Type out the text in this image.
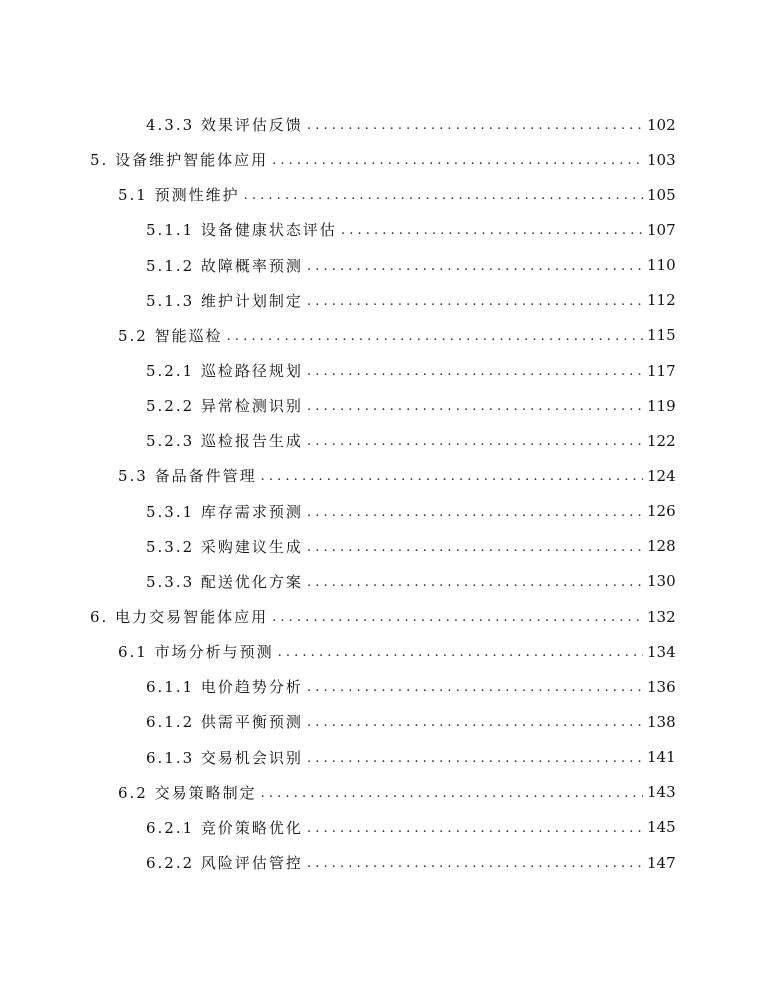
4.3.3 效果评估反馈 . . .	102
5. 设备维护智能体应用 . . .	103
5.1 预测性维护 . . .	105
5.1.1 设备健康状态评估 . . .	107
5.1.2 故障概率预测 . . .	110
5.1.3 维护计划制定 . . .	112
5.2 智能巡检 . . .	115
5.2.1 巡检路径规划 . . .	117
5.2.2 异常检测识别 . . .	119
5.2.3 巡检报告生成 . . .	122
5.3 备品备件管理 . . .	124
5.3.1 库存需求预测 . . .	126
5.3.2 采购建议生成 . . .	128
5.3.3 配送优化方案 . . .	130
6. 电力交易智能体应用 . . .	132
6.1 市场分析与预测 . . .	134
6.1.1 电价趋势分析 . . .	136
6.1.2 供需平衡预测 . . .	138
6.1.3 交易机会识别 . . .	141
6.2 交易策略制定 . . .	143
6.2.1 竞价策略优化 . . .	145
6.2.2 风险评估管控 . . .	147
